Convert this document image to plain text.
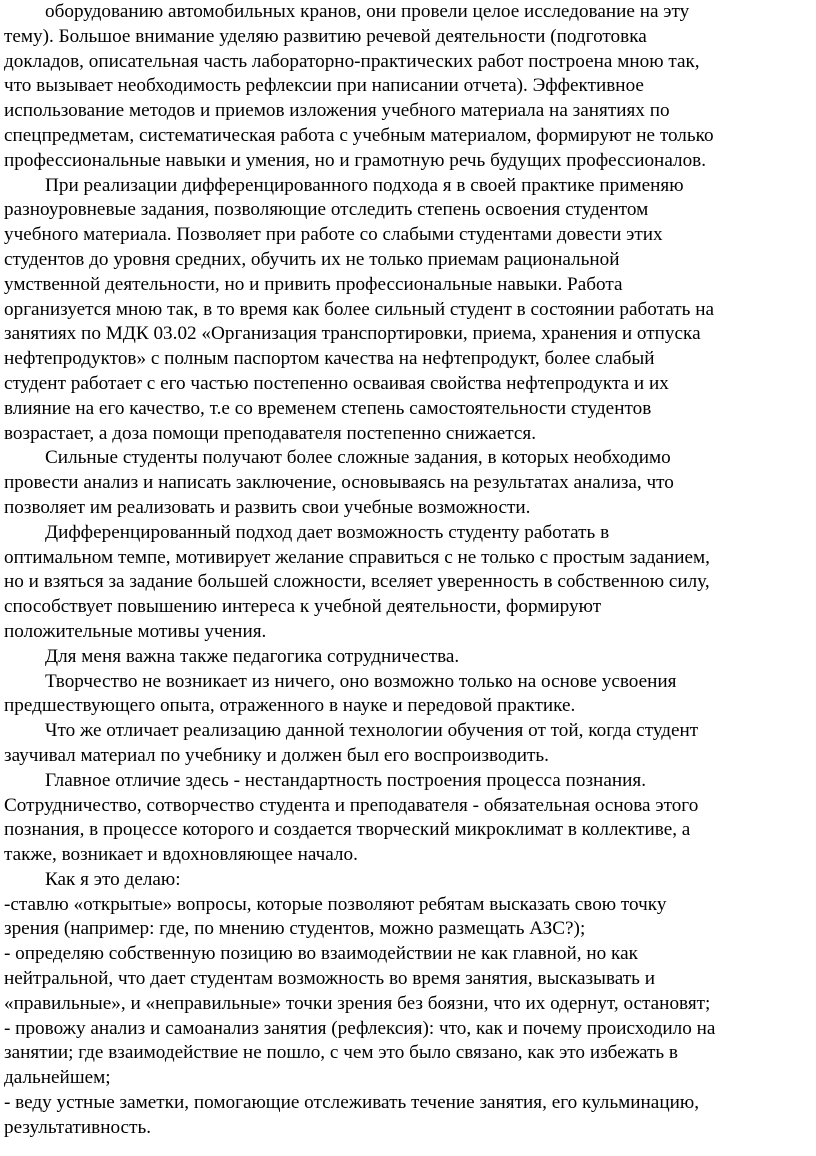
оборудованию автомобильных кранов, они провели целое исследование на эту
тему). Большое внимание уделяю развитию речевой деятельности (подготовка
докладов, описательная часть лабораторно-практических работ построена мною так,
что вызывает необходимость рефлексии при написании отчета). Эффективное
использование методов и приемов изложения учебного материала на занятиях по
спецпредметам, систематическая работа с учебным материалом, формируют не только
профессиональные навыки и умения, но и грамотную речь будущих профессионалов.
При реализации дифференцированного подхода я в своей практике применяю
разноуровневые задания, позволяющие отследить степень освоения студентом
учебного материала. Позволяет при работе со слабыми студентами довести этих
студентов до уровня средних, обучить их не только приемам рациональной
умственной деятельности, но и привить профессиональные навыки. Работа
организуется мною так, в то время как более сильный студент в состоянии работать на
занятиях по МДК 03.02 «Организация транспортировки, приема, хранения и отпуска
нефтепродуктов» с полным паспортом качества на нефтепродукт, более слабый
студент работает с его частью постепенно осваивая свойства нефтепродукта и их
влияние на его качество, т.е со временем степень самостоятельности студентов
возрастает, а доза помощи преподавателя постепенно снижается.
Сильные студенты получают более сложные задания, в которых необходимо
провести анализ и написать заключение, основываясь на результатах анализа, что
позволяет им реализовать и развить свои учебные возможности.
Дифференцированный подход дает возможность студенту работать в
оптимальном темпе, мотивирует желание справиться с не только с простым заданием,
но и взяться за задание большей сложности, вселяет уверенность в собственною силу,
способствует повышению интереса к учебной деятельности, формируют
положительные мотивы учения.
Для меня важна также педагогика сотрудничества.
Творчество не возникает из ничего, оно возможно только на основе усвоения
предшествующего опыта, отраженного в науке и передовой практике.
Что же отличает реализацию данной технологии обучения от той, когда студент
заучивал материал по учебнику и должен был его воспроизводить.
Главное отличие здесь - нестандартность построения процесса познания.
Сотрудничество, сотворчество студента и преподавателя - обязательная основа этого
познания, в процессе которого и создается творческий микроклимат в коллективе, а
также, возникает и вдохновляющее начало.
Как я это делаю:
-ставлю «открытые» вопросы, которые позволяют ребятам высказать свою точку
зрения (например: где, по мнению студентов, можно размещать АЗС?);
- определяю собственную позицию во взаимодействии не как главной, но как
нейтральной, что дает студентам возможность во время занятия, высказывать и
«правильные», и «неправильные» точки зрения без боязни, что их одернут, остановят;
- провожу анализ и самоанализ занятия (рефлексия): что, как и почему происходило на
занятии; где взаимодействие не пошло, с чем это было связано, как это избежать в
дальнейшем;
- веду устные заметки, помогающие отслеживать течение занятия, его кульминацию,
результативность.
